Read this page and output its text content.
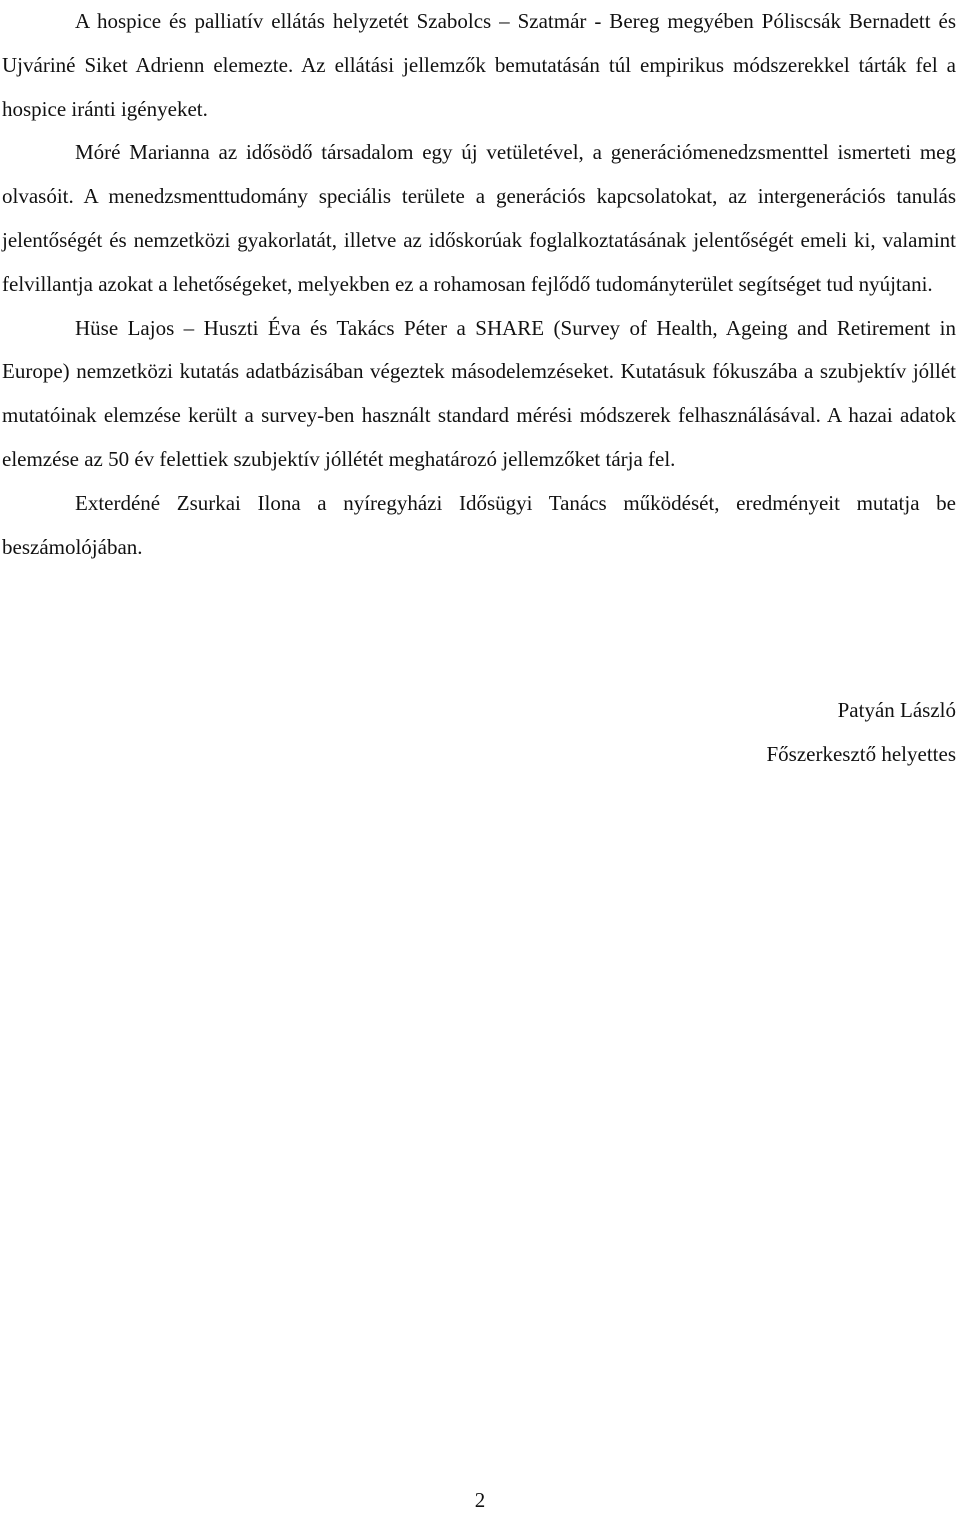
A hospice és palliatív ellátás helyzetét Szabolcs – Szatmár - Bereg megyében Póliscsák Bernadett és Ujváriné Siket Adrienn elemezte. Az ellátási jellemzők bemutatásán túl empirikus módszerekkel tárták fel a hospice iránti igényeket.

Móré Marianna az idősödő társadalom egy új vetületével, a generációmenedzsmenttel ismerteti meg olvasóit. A menedzsmenttudomány speciális területe a generációs kapcsolatokat, az intergenerációs tanulás jelentőségét és nemzetközi gyakorlatát, illetve az időskorúak foglalkoztatásának jelentőségét emeli ki, valamint felvillantja azokat a lehetőségeket, melyekben ez a rohamosan fejlődő tudományterület segítséget tud nyújtani.

Hüse Lajos – Huszti Éva és Takács Péter a SHARE (Survey of Health, Ageing and Retirement in Europe) nemzetközi kutatás adatbázisában végeztek másodelemzéseket. Kutatásuk fókuszába a szubjektív jóllét mutatóinak elemzése került a survey-ben használt standard mérési módszerek felhasználásával. A hazai adatok elemzése az 50 év felettiek szubjektív jóllétét meghatározó jellemzőket tárja fel.

Exterdéné Zsurkai Ilona a nyíregyházi Idősügyi Tanács működését, eredményeit mutatja be beszámolójában.

Patyán László
Főszerkesztő helyettes
2
